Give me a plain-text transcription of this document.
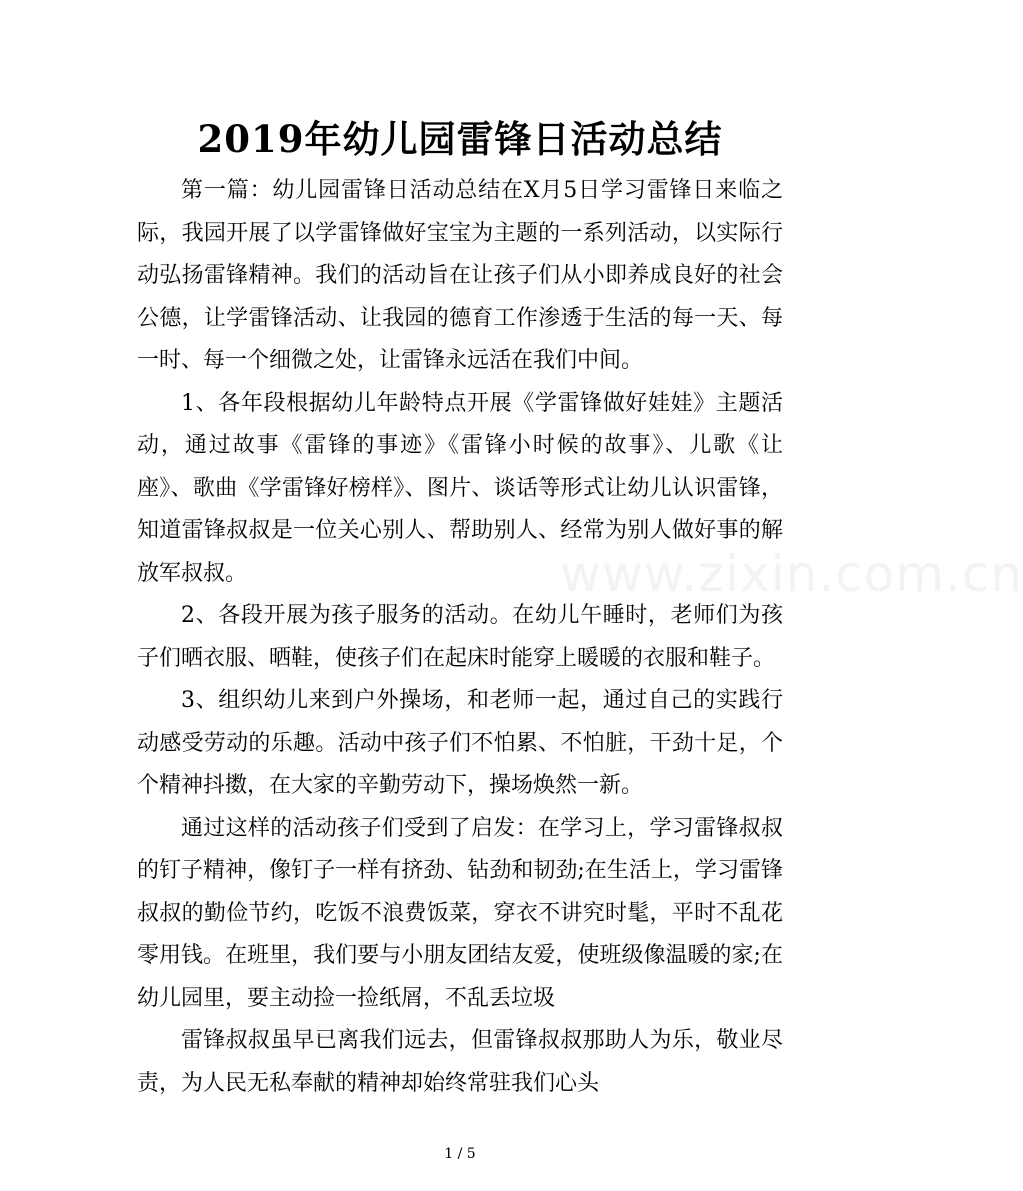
2019年幼儿园雷锋日活动总结
www.zixin.com.cn

第一篇：幼儿园雷锋日活动总结在X月5日学习雷锋日来临之际，我园开展了以学雷锋做好宝宝为主题的一系列活动，以实际行动弘扬雷锋精神。我们的活动旨在让孩子们从小即养成良好的社会公德，让学雷锋活动、让我园的德育工作渗透于生活的每一天、每一时、每一个细微之处，让雷锋永远活在我们中间。

1、各年段根据幼儿年龄特点开展《学雷锋做好娃娃》主题活动，通过故事《雷锋的事迹》《雷锋小时候的故事》、儿歌《让座》、歌曲《学雷锋好榜样》、图片、谈话等形式让幼儿认识雷锋，知道雷锋叔叔是一位关心别人、帮助别人、经常为别人做好事的解放军叔叔。

2、各段开展为孩子服务的活动。在幼儿午睡时，老师们为孩子们晒衣服、晒鞋，使孩子们在起床时能穿上暖暖的衣服和鞋子。

3、组织幼儿来到户外操场，和老师一起，通过自己的实践行动感受劳动的乐趣。活动中孩子们不怕累、不怕脏，干劲十足，个个精神抖擞，在大家的辛勤劳动下，操场焕然一新。

通过这样的活动孩子们受到了启发：在学习上，学习雷锋叔叔的钉子精神，像钉子一样有挤劲、钻劲和韧劲;在生活上，学习雷锋叔叔的勤俭节约，吃饭不浪费饭菜，穿衣不讲究时髦，平时不乱花零用钱。在班里，我们要与小朋友团结友爱，使班级像温暖的家;在幼儿园里，要主动捡一捡纸屑，不乱丢垃圾

雷锋叔叔虽早已离我们远去，但雷锋叔叔那助人为乐，敬业尽责，为人民无私奉献的精神却始终常驻我们心头

1 / 5
